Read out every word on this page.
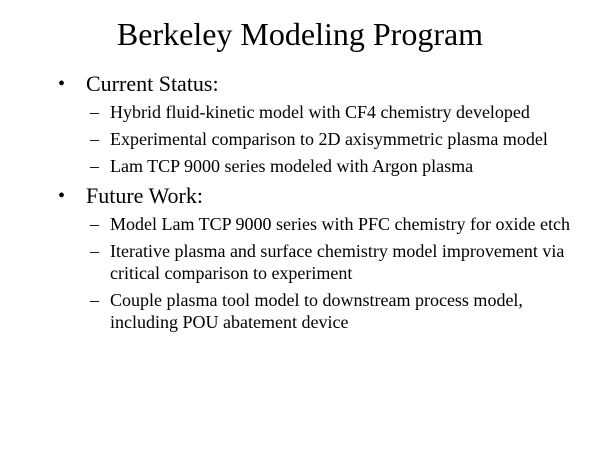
Berkeley Modeling Program
• Current Status:
– Hybrid fluid-kinetic model with CF4 chemistry developed
– Experimental comparison to 2D axisymmetric plasma model
– Lam TCP 9000 series modeled with Argon plasma
• Future Work:
– Model Lam TCP 9000 series with PFC chemistry for oxide etch
– Iterative plasma and surface chemistry model improvement via critical comparison to experiment
– Couple plasma tool model to downstream process model, including POU abatement device
